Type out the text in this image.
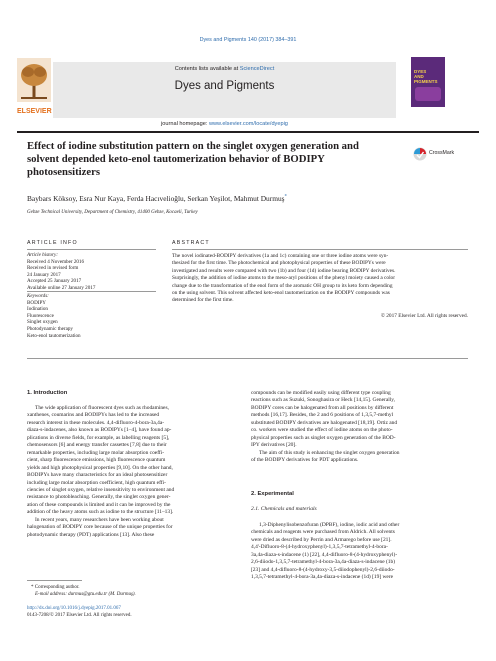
Dyes and Pigments 140 (2017) 384–391
ELSEVIER
Contents lists available at ScienceDirect
Dyes and Pigments
journal homepage: www.elsevier.com/locate/dyepig
DYES
AND
PIGMENTS
Effect of iodine substitution pattern on the singlet oxygen generation and solvent depended keto-enol tautomerization behavior of BODIPY photosensitizers
CrossMark
Baybars Köksoy, Esra Nur Kaya, Ferda Hacıvelioğlu, Serkan Yeşilot, Mahmut Durmuş*
Gebze Technical University, Department of Chemistry, 41400 Gebze, Kocaeli, Turkey
ARTICLE INFO
Article history:
Received 4 November 2016
Received in revised form
24 January 2017
Accepted 25 January 2017
Available online 27 January 2017
Keywords:
BODIPY
Iodination
Fluorescence
Singlet oxygen
Photodynamic therapy
Keto-enol tautomerization
ABSTRACT
The novel iodinated-BODIPY derivatives (1a and 1c) containing one or three iodine atoms were syn-
thesized for the first time. The photochemical and photophysical properties of these BODIPYs were
investigated and results were compared with two (1b) and four (1d) iodine bearing BODIPY derivatives.
Surprisingly, the addition of iodine atoms to the meso-aryl positions of the phenyl moiety caused a color
change due to the transformation of the enol form of the aromatic OH group to its keto form depending
on the using solvent. This solvent affected keto-enol tautomerization on the BODIPY compounds was
determined for the first time.
© 2017 Elsevier Ltd. All rights reserved.
1. Introduction
The wide application of fluorescent dyes such as rhodamines,
xanthenes, coumarins and BODIPYs has led to the increased
research interest in these molecules. 4,4-difluoro-4-bora-3a,4a-
diaza-s-indacenes, also known as BODIPYs [1–4], have found ap-
plications in diverse fields, for example, as labelling reagents [5],
chemosensors [6] and energy transfer cassettes [7,8] due to their
remarkable properties, including large molar absorption coeffi-
cient, sharp fluorescence emissions, high fluorescence quantum
yields and high photophysical properties [9,10]. On the other hand,
BODIPYs have many characteristics for an ideal photosensitizer
including large molar absorption coefficient, high quantum effi-
ciencies of singlet oxygen, relative insensitivity to environment and
resistance to photobleaching. Generally, the singlet oxygen gener-
ation of these compounds is limited and it can be improved by the
addition of the heavy atoms such as iodine to the structure [11–13].
In recent years, many researchers have been working about
halogenation of BODIPY core because of the unique properties for
photodynamic therapy (PDT) applications [13]. Also these
* Corresponding author.
E-mail address: durmus@gtu.edu.tr (M. Durmuş).
http://dx.doi.org/10.1016/j.dyepig.2017.01.067
0143-7208/© 2017 Elsevier Ltd. All rights reserved.
compounds can be modified easily using different type coupling
reactions such as Suzuki, Sonoghasira or Heck [14,15]. Generally,
BODIPY cores can be halogenated from all positions by different
methods [16,17]. Besides, the 2 and 6 positions of 1,3,5,7-methyl
substituted BODIPY derivatives are halogenated [18,19]. Ortiz and
co. workers were studied the effect of iodine atoms on the photo-
physical properties such as singlet oxygen generation of the BOD-
IPY derivatives [20].
The aim of this study is enhancing the singlet oxygen generation
of the BODIPY derivatives for PDT applications.
2. Experimental
2.1. Chemicals and materials
1,3-Diphenylisobenzofuran (DPBF), iodine, iodic acid and other
chemicals and reagents were purchased from Aldrich. All solvents
were dried as described by Perrin and Armarego before use [21].
4,4'-Difluoro-8-(4-hydroxyphenyl)-1,3,5,7-tetramethyl-4-bora-
3a,4a-diaza-s-indacene (1) [22], 4,4-difluoro-8-(4-hydroxyphenyl)-
2,6-diiodo-1,3,5,7-tetramethyl-4-bora-3a,4a-diaza-s-indacene (1b)
[23] and 4,4-difluoro-8-(4-hydroxy-3,5-diiodophenyl)-2,6-diiodo-
1,3,5,7-tetramethyl-4-bora-3a,4a-diaza-s-indacene (1d) [19] were
